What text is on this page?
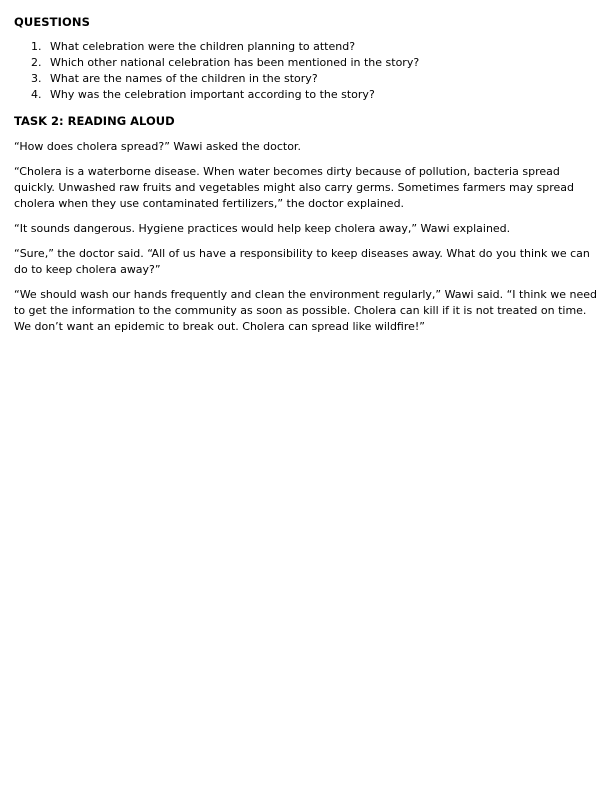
QUESTIONS
1. What celebration were the children planning to attend?
2. Which other national celebration has been mentioned in the story?
3. What are the names of the children in the story?
4. Why was the celebration important according to the story?
TASK 2: READING ALOUD

“How does cholera spread?” Wawi asked the doctor.

“Cholera is a waterborne disease. When water becomes dirty because of pollution, bacteria spread quickly. Unwashed raw fruits and vegetables might also carry germs. Sometimes farmers may spread cholera when they use contaminated fertilizers,” the doctor explained.

“It sounds dangerous. Hygiene practices would help keep cholera away,” Wawi explained.

“Sure,” the doctor said. “All of us have a responsibility to keep diseases away. What do you think we can do to keep cholera away?”

“We should wash our hands frequently and clean the environment regularly,” Wawi said. “I think we need to get the information to the community as soon as possible. Cholera can kill if it is not treated on time. We don’t want an epidemic to break out. Cholera can spread like wildfire!”
